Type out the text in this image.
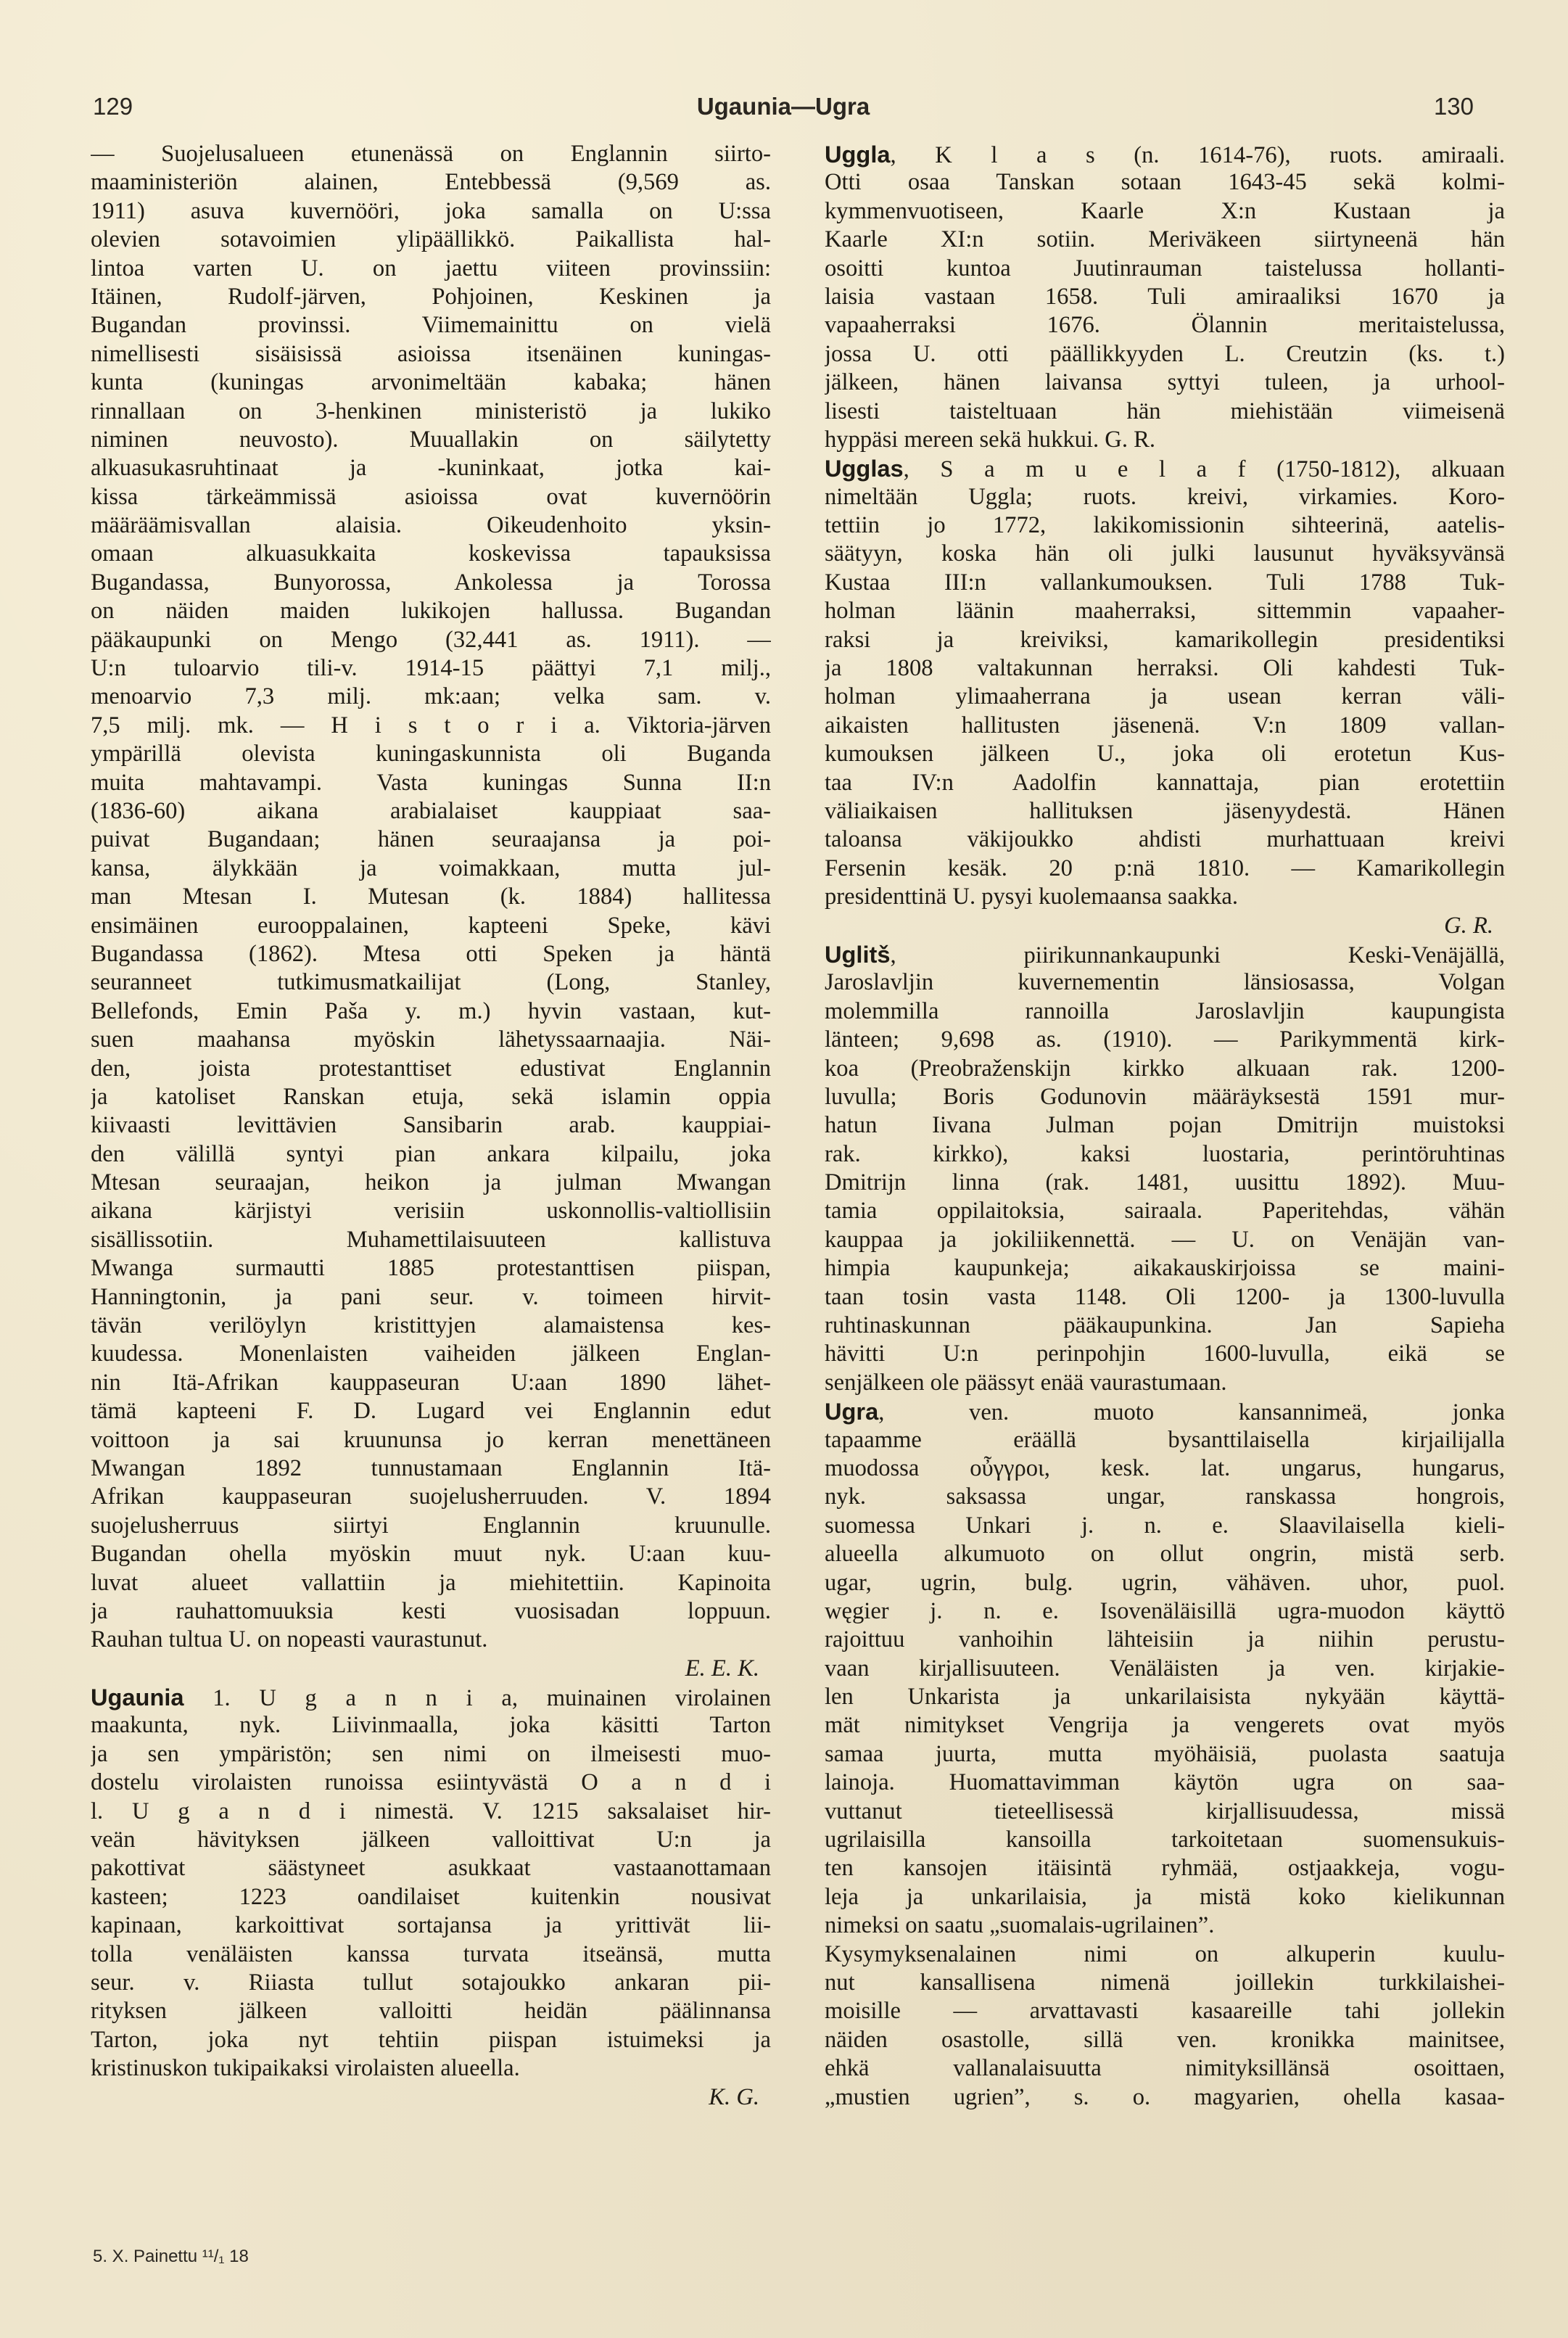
129	Ugaunia—Ugra	130
— Suojelusalueen etunenässä on Englannin siirto-
maaministeriön alainen, Entebbessä (9,569 as.
1911) asuva kuvernööri, joka samalla on U:ssa
olevien sotavoimien ylipäällikkö. Paikallista hal-
lintoa varten U. on jaettu viiteen provinssiin:
Itäinen, Rudolf-järven, Pohjoinen, Keskinen ja
Bugandan provinssi. Viimemainittu on vielä
nimellisesti sisäisissä asioissa itsenäinen kuningas-
kunta (kuningas arvonimeltään kabaka; hänen
rinnallaan on 3-henkinen ministeristö ja lukiko
niminen neuvosto). Muuallakin on säilytetty
alkuasukasruhtinaat ja -kuninkaat, jotka kai-
kissa tärkeämmissä asioissa ovat kuvernöörin
määräämisvallan alaisia. Oikeudenhoito yksin-
omaan alkuasukkaita koskevissa tapauksissa
Bugandassa, Bunyorossa, Ankolessa ja Torossa
on näiden maiden lukikojen hallussa. Bugandan
pääkaupunki on Mengo (32,441 as. 1911). —
U:n tuloarvio tili-v. 1914-15 päättyi 7,1 milj.,
menoarvio 7,3 milj. mk:aan; velka sam. v.
7,5 milj. mk. — H i s t o r i a. Viktoria-järven
ympärillä olevista kuningaskunnista oli Buganda
muita mahtavampi. Vasta kuningas Sunna II:n
(1836-60) aikana arabialaiset kauppiaat saa-
puivat Bugandaan; hänen seuraajansa ja poi-
kansa, älykkään ja voimakkaan, mutta jul-
man Mtesan I. Mutesan (k. 1884) hallitessa
ensimäinen eurooppalainen, kapteeni Speke, kävi
Bugandassa (1862). Mtesa otti Speken ja häntä
seuranneet tutkimusmatkailijat (Long, Stanley,
Bellefonds, Emin Paša y. m.) hyvin vastaan, kut-
suen maahansa myöskin lähetyssaarnaajia. Näi-
den, joista protestanttiset edustivat Englannin
ja katoliset Ranskan etuja, sekä islamin oppia
kiivaasti levittävien Sansibarin arab. kauppiai-
den välillä syntyi pian ankara kilpailu, joka
Mtesan seuraajan, heikon ja julman Mwangan
aikana kärjistyi verisiin uskonnollis-valtiollisiin
sisällissotiin. Muhamettilaisuuteen kallistuva
Mwanga surmautti 1885 protestanttisen piispan,
Hanningtonin, ja pani seur. v. toimeen hirvit-
tävän verilöylyn kristittyjen alamaistensa kes-
kuudessa. Monenlaisten vaiheiden jälkeen Englan-
nin Itä-Afrikan kauppaseuran U:aan 1890 lähet-
tämä kapteeni F. D. Lugard vei Englannin edut
voittoon ja sai kruununsa jo kerran menettäneen
Mwangan 1892 tunnustamaan Englannin Itä-
Afrikan kauppaseuran suojelusherruuden. V. 1894
suojelusherruus siirtyi Englannin kruunulle.
Bugandan ohella myöskin muut nyk. U:aan kuu-
luvat alueet vallattiin ja miehitettiin. Kapinoita
ja rauhattomuuksia kesti vuosisadan loppuun.
Rauhan tultua U. on nopeasti vaurastunut.
E. E. K.
Ugaunia 1. U g a n n i a, muinainen virolainen
maakunta, nyk. Liivinmaalla, joka käsitti Tarton
ja sen ympäristön; sen nimi on ilmeisesti muo-
dostelu virolaisten runoissa esiintyvästä O a n d i
l. U g a n d i nimestä. V. 1215 saksalaiset hir-
veän hävityksen jälkeen valloittivat U:n ja
pakottivat säästyneet asukkaat vastaanottamaan
kasteen; 1223 oandilaiset kuitenkin nousivat
kapinaan, karkoittivat sortajansa ja yrittivät lii-
tolla venäläisten kanssa turvata itseänsä, mutta
seur. v. Riiasta tullut sotajoukko ankaran pii-
rityksen jälkeen valloitti heidän päälinnansa
Tarton, joka nyt tehtiin piispan istuimeksi ja
kristinuskon tukipaikaksi virolaisten alueella.
K. G.
Uggla, K l a s (n. 1614-76), ruots. amiraali.
Otti osaa Tanskan sotaan 1643-45 sekä kolmi-
kymmenvuotiseen, Kaarle X:n Kustaan ja
Kaarle XI:n sotiin. Meriväkeen siirtyneenä hän
osoitti kuntoa Juutinrauman taistelussa hollanti-
laisia vastaan 1658. Tuli amiraaliksi 1670 ja
vapaaherraksi 1676. Ölannin meritaistelussa,
jossa U. otti päällikkyyden L. Creutzin (ks. t.)
jälkeen, hänen laivansa syttyi tuleen, ja urhool-
lisesti taisteltuaan hän miehistään viimeisenä
hyppäsi mereen sekä hukkui. G. R.
Ugglas, S a m u e l a f (1750-1812), alkuaan
nimeltään Uggla; ruots. kreivi, virkamies. Koro-
tettiin jo 1772, lakikomissionin sihteerinä, aatelis-
säätyyn, koska hän oli julki lausunut hyväksyvänsä
Kustaa III:n vallankumouksen. Tuli 1788 Tuk-
holman läänin maaherraksi, sittemmin vapaaher-
raksi ja kreiviksi, kamarikollegin presidentiksi
ja 1808 valtakunnan herraksi. Oli kahdesti Tuk-
holman ylimaaherrana ja usean kerran väli-
aikaisten hallitusten jäsenenä. V:n 1809 vallan-
kumouksen jälkeen U., joka oli erotetun Kus-
taa IV:n Aadolfin kannattaja, pian erotettiin
väliaikaisen hallituksen jäsenyydestä. Hänen
taloansa väkijoukko ahdisti murhattuaan kreivi
Fersenin kesäk. 20 p:nä 1810. — Kamarikollegin
presidenttinä U. pysyi kuolemaansa saakka.
G. R.
Uglitš, piirikunnankaupunki Keski-Venäjällä,
Jaroslavljin kuvernementin länsiosassa, Volgan
molemmilla rannoilla Jaroslavljin kaupungista
länteen; 9,698 as. (1910). — Parikymmentä kirk-
koa (Preobraženskijn kirkko alkuaan rak. 1200-
luvulla; Boris Godunovin määräyksestä 1591 mur-
hatun Iivana Julman pojan Dmitrijn muistoksi
rak. kirkko), kaksi luostaria, perintöruhtinas
Dmitrijn linna (rak. 1481, uusittu 1892). Muu-
tamia oppilaitoksia, sairaala. Paperitehdas, vähän
kauppaa ja jokiliikennettä. — U. on Venäjän van-
himpia kaupunkeja; aikakauskirjoissa se maini-
taan tosin vasta 1148. Oli 1200- ja 1300-luvulla
ruhtinaskunnan pääkaupunkina. Jan Sapieha
hävitti U:n perinpohjin 1600-luvulla, eikä se
senjälkeen ole päässyt enää vaurastumaan.
Ugra, ven. muoto kansannimeä, jonka
tapaamme eräällä bysanttilaisella kirjailijalla
muodossa οὖγγροι, kesk. lat. ungarus, hungarus,
nyk. saksassa ungar, ranskassa hongrois,
suomessa Unkari j. n. e. Slaavilaisella kieli-
alueella alkumuoto on ollut ongrin, mistä serb.
ugar, ugrin, bulg. ugrin, vähäven. uhor, puol.
węgier j. n. e. Isovenäläisillä ugra-muodon käyttö
rajoittuu vanhoihin lähteisiin ja niihin perustu-
vaan kirjallisuuteen. Venäläisten ja ven. kirjakie-
len Unkarista ja unkarilaisista nykyään käyttä-
mät nimitykset Vengrija ja vengerets ovat myös
samaa juurta, mutta myöhäisiä, puolasta saatuja
lainoja. Huomattavimman käytön ugra on saa-
vuttanut tieteellisessä kirjallisuudessa, missä
ugrilaisilla kansoilla tarkoitetaan suomensukuis-
ten kansojen itäisintä ryhmää, ostjaakkeja, vogu-
leja ja unkarilaisia, ja mistä koko kielikunnan
nimeksi on saatu „suomalais-ugrilainen”.
Kysymyksenalainen nimi on alkuperin kuulu-
nut kansallisena nimenä joillekin turkkilaishei-
moisille — arvattavasti kasaareille tahi jollekin
näiden osastolle, sillä ven. kronikka mainitsee,
ehkä vallanalaisuutta nimityksillänsä osoittaen,
„mustien ugrien”, s. o. magyarien, ohella kasaa-
5. X. Painettu ¹¹/₁ 18
